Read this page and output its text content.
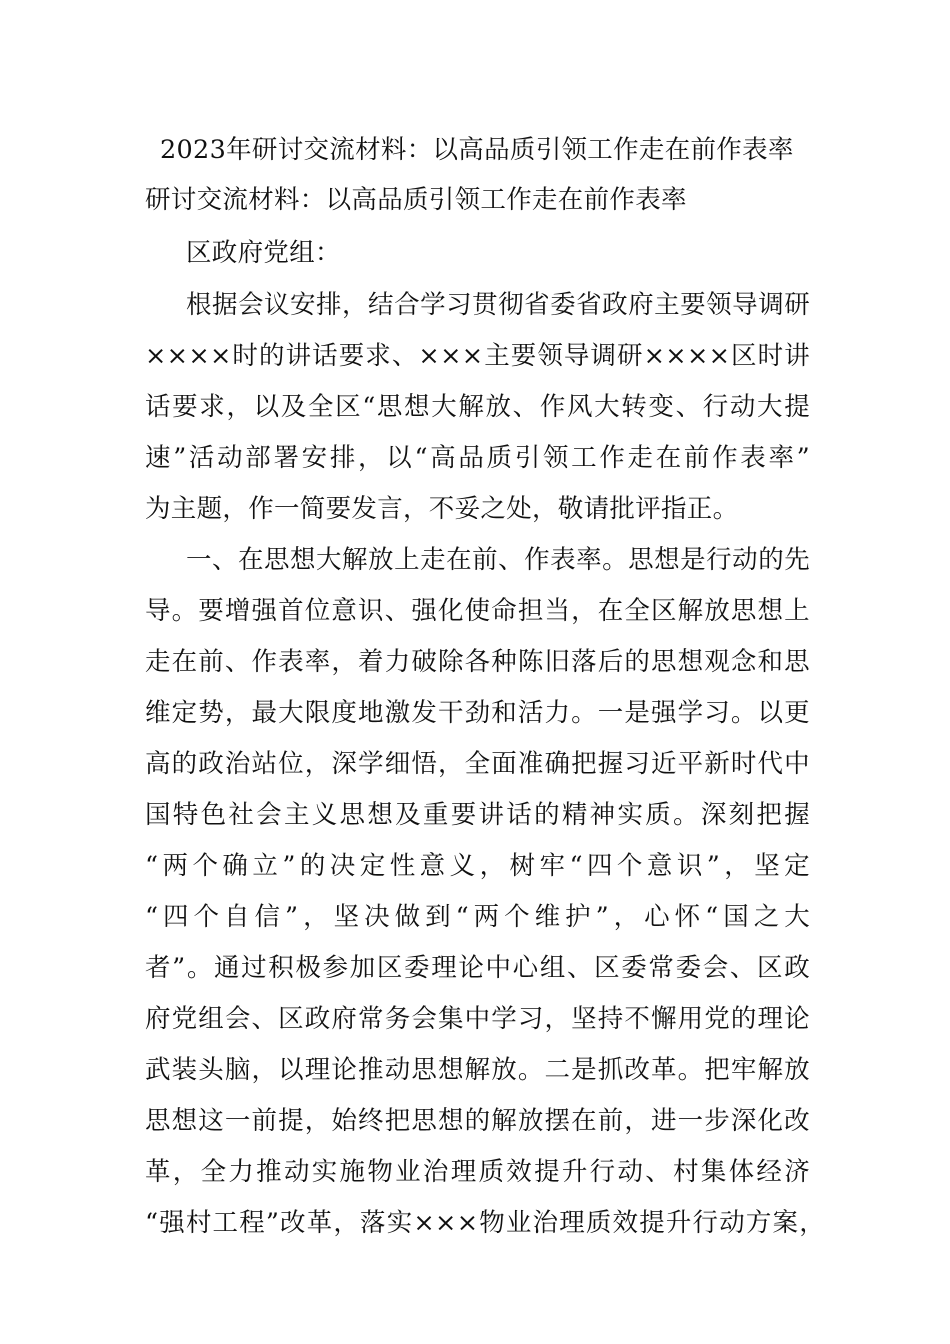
2023年研讨交流材料：以高品质引领工作走在前作表率
研讨交流材料：以高品质引领工作走在前作表率
区政府党组：
根据会议安排，结合学习贯彻省委省政府主要领导调研
××××时的讲话要求、×××主要领导调研××××区时讲
话要求，以及全区“思想大解放、作风大转变、行动大提
速”活动部署安排，以“高品质引领工作走在前作表率”
为主题，作一简要发言，不妥之处，敬请批评指正。
一、在思想大解放上走在前、作表率。思想是行动的先
导。要增强首位意识、强化使命担当，在全区解放思想上
走在前、作表率，着力破除各种陈旧落后的思想观念和思
维定势，最大限度地激发干劲和活力。一是强学习。以更
高的政治站位，深学细悟，全面准确把握习近平新时代中
国特色社会主义思想及重要讲话的精神实质。深刻把握
“两个确立”的决定性意义，树牢“四个意识”，坚定
“四个自信”，坚决做到“两个维护”，心怀“国之大
者”。通过积极参加区委理论中心组、区委常委会、区政
府党组会、区政府常务会集中学习，坚持不懈用党的理论
武装头脑，以理论推动思想解放。二是抓改革。把牢解放
思想这一前提，始终把思想的解放摆在前，进一步深化改
革，全力推动实施物业治理质效提升行动、村集体经济
“强村工程”改革，落实×××物业治理质效提升行动方案，
